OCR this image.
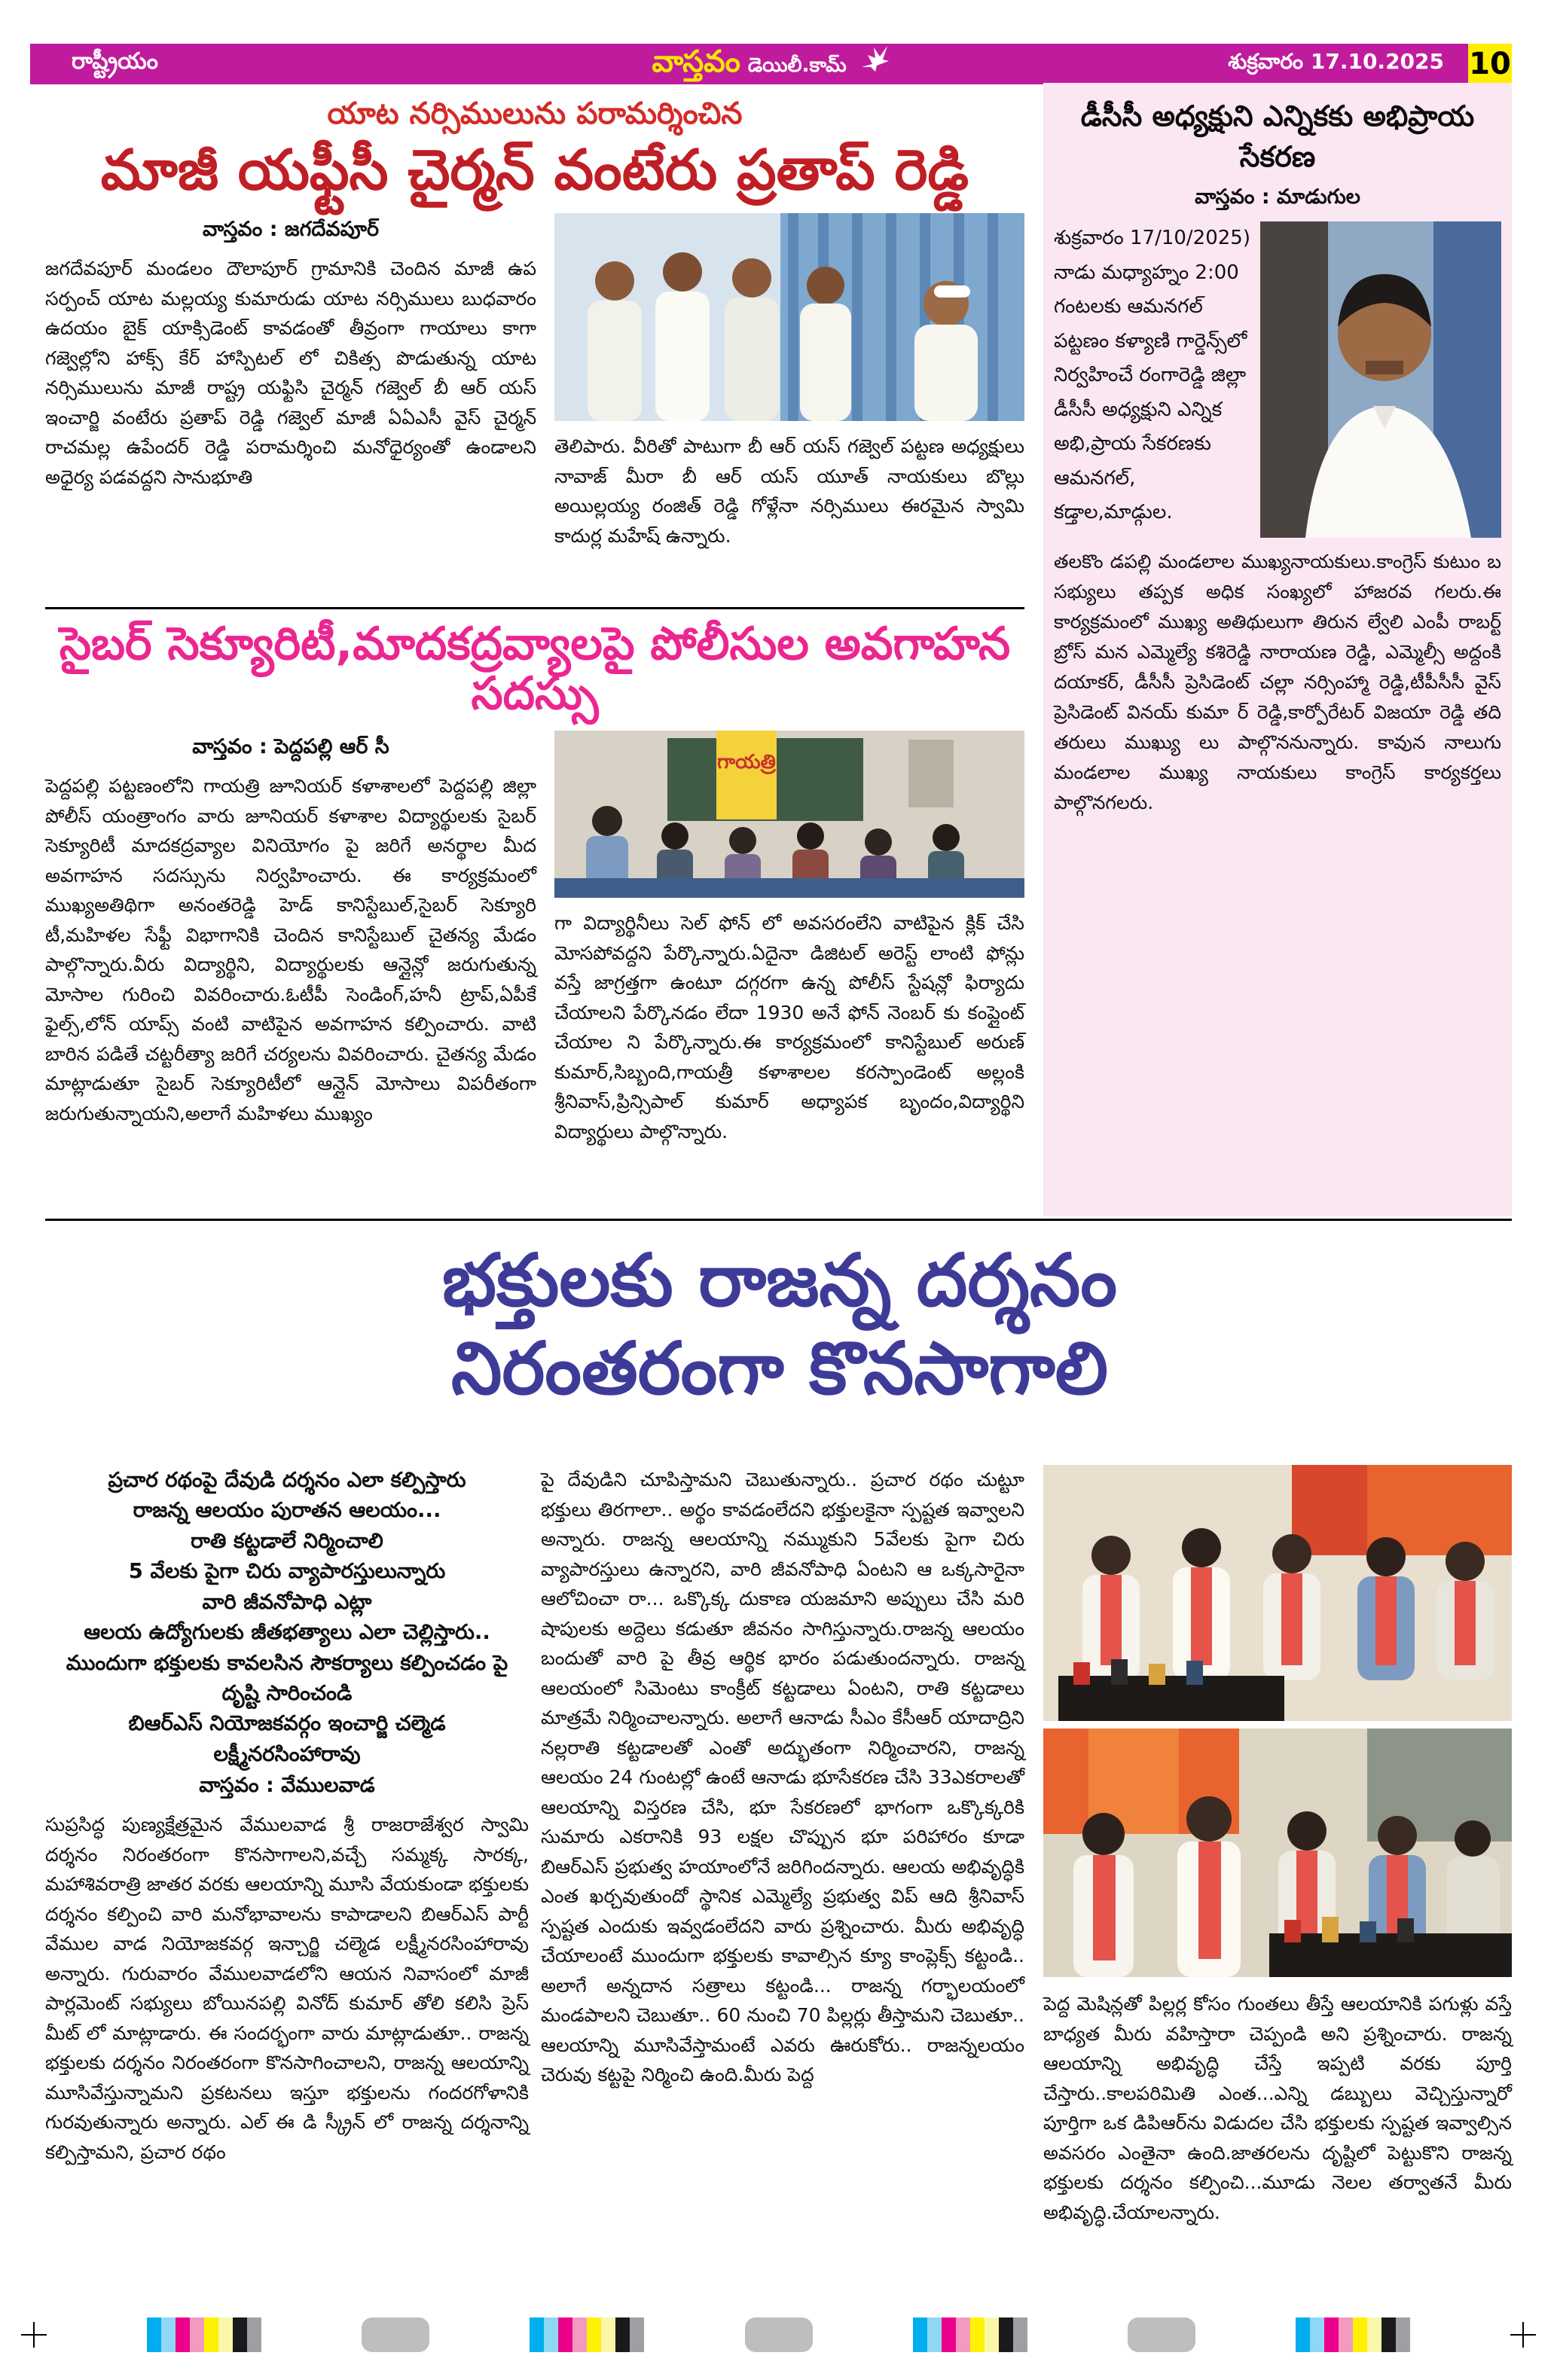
రాష్ట్రీయం	వాస్తవం డెయిలీ.కామ్	శుక్రవారం 17.10.2025 10
యాట నర్సిములును పరామర్శించిన
మాజీ యఫ్టీసీ చైర్మన్ వంటేరు ప్రతాప్ రెడ్డి
వాస్తవం : జగదేవపూర్
జగదేవపూర్ మండలం దౌలాపూర్ గ్రామానికి చెందిన మాజీ ఉప సర్పంచ్ యాట మల్లయ్య కుమారుడు యాట నర్సిములు బుధవారం ఉదయం బైక్ యాక్సిడెంట్ కావడంతో తీవ్రంగా గాయాలు కాగా గజ్వెల్లోని హాక్స్ కేర్ హాస్పిటల్ లో చికిత్స పొడుతున్న యాట నర్సిములును మాజీ రాష్ట్ర యఫ్టిసి చైర్మన్ గజ్వెల్ బీ ఆర్ యస్ ఇంచార్జి వంటేరు ప్రతాప్ రెడ్డి గజ్వెల్ మాజీ ఏఏఎసీ వైస్ చైర్మన్ రాచమల్ల ఉపేందర్ రెడ్డి పరామర్శించి మనోధైర్యంతో ఉండాలని అధైర్య పడవద్దని సానుభూతి
తెలిపారు. వీరితో పాటుగా బీ ఆర్ యస్ గజ్వెల్ పట్టణ అధ్యక్షులు నావాజ్ మీరా బీ ఆర్ యస్ యూత్ నాయకులు బొల్లు అయిల్లయ్య రంజిత్ రెడ్డి గోళ్లేనా నర్సిములు ఈరమైన స్వామి కాదుర్ల మహేష్ ఉన్నారు.
సైబర్ సెక్యూరిటీ,మాదకద్రవ్యాలపై పోలీసుల అవగాహన సదస్సు
వాస్తవం : పెద్దపల్లి ఆర్ సీ
పెద్దపల్లి పట్టణంలోని గాయత్రి జూనియర్ కళాశాలలో పెద్దపల్లి జిల్లా పోలీస్ యంత్రాంగం వారు జూనియర్ కళాశాల విద్యార్థులకు సైబర్ సెక్యూరిటీ మాదకద్రవ్యాల వినియోగం పై జరిగే అనర్థాల మీద అవగాహన సదస్సును నిర్వహించారు. ఈ కార్యక్రమంలో ముఖ్యఅతిథిగా అనంతరెడ్డి హెడ్ కానిస్టేబుల్,సైబర్ సెక్యూరి టీ,మహిళల సేఫ్టీ విభాగానికి చెందిన కానిస్టేబుల్ చైతన్య మేడం పాల్గొన్నారు.వీరు విద్యార్థిని, విద్యార్థులకు ఆన్లైన్లో జరుగుతున్న మోసాల గురించి వివరించారు.ఓటీపీ సెండింగ్,హనీ ట్రాప్,ఏపీకే ఫైల్స్,లోన్ యాప్స్ వంటి వాటిపైన అవగాహన కల్పించారు. వాటి బారిన పడితే చట్టరీత్యా జరిగే చర్యలను వివరించారు. చైతన్య మేడం మాట్లాడుతూ సైబర్ సెక్యూరిటీలో ఆన్లైన్ మోసాలు విపరీతంగా జరుగుతున్నాయని,అలాగే మహిళలు ముఖ్యం
గాయత్రి
గా విద్యార్థినీలు సెల్ ఫోన్ లో అవసరంలేని వాటిపైన క్లిక్ చేసి మోసపోవద్దని పేర్కొన్నారు.ఏదైనా డిజిటల్ అరెస్ట్ లాంటి ఫోన్లు వస్తే జాగ్రత్తగా ఉంటూ దగ్గరగా ఉన్న పోలీస్ స్టేషన్లో ఫిర్యాదు చేయాలని పేర్కొనడం లేదా 1930 అనే ఫోన్ నెంబర్ కు కంప్లైంట్ చేయాల ని పేర్కొన్నారు.ఈ కార్యక్రమంలో కానిస్టేబుల్ అరుణ్ కుమార్,సిబ్బంది,గాయత్రీ కళాశాలల కరస్పాండెంట్ అల్లంకి శ్రీనివాస్,ప్రిన్సిపాల్ కుమార్ అధ్యాపక బృందం,విద్యార్థిని విద్యార్థులు పాల్గొన్నారు.
డీసీసీ అధ్యక్షుని ఎన్నికకు అభిప్రాయ సేకరణ
వాస్తవం : మాడుగుల
శుక్రవారం 17/10/2025) నాడు మధ్యాహ్నం 2:00 గంటలకు ఆమనగల్ పట్టణం కళ్యాణి గార్డెన్స్‌లో నిర్వహించే రంగారెడ్డి జిల్లా డీసీసీ అధ్యక్షుని ఎన్నిక అభి,ప్రాయ సేకరణకు ఆమనగల్, కడ్తాల,మాడ్గుల.
తలకొం డపల్లి మండలాల ముఖ్యనాయకులు.కాంగ్రెస్ కుటుం బ సభ్యులు తప్పక అధిక సంఖ్యలో హాజరవ గలరు.ఈ కార్యక్రమంలో ముఖ్య అతిథులుగా తిరున ల్వేలి ఎంపీ రాబర్ట్ బ్రోస్ మన ఎమ్మెల్యే కశిరెడ్డి నారాయణ రెడ్డి, ఎమ్మెల్సీ అద్దంకి దయాకర్, డీసీసీ ప్రెసిడెంట్ చల్లా నర్సింహ్మా రెడ్డి,టీపీసీసీ వైస్ ప్రెసిడెంట్ వినయ్ కుమా ర్ రెడ్డి,కార్పోరేటర్ విజయా రెడ్డి తది తరులు ముఖ్యు లు పాల్గొననున్నారు. కావున నాలుగు మండలాల ముఖ్య నాయకులు కాంగ్రెస్ కార్యకర్తలు పాల్గొనగలరు.
భక్తులకు రాజన్న దర్శనం
నిరంతరంగా కొనసాగాలి
ప్రచార రథంపై దేవుడి దర్శనం ఎలా కల్పిస్తారు
రాజన్న ఆలయం పురాతన ఆలయం...
రాతి కట్టడాలే నిర్మించాలి
5 వేలకు పైగా చిరు వ్యాపారస్తులున్నారు
వారి జీవనోపాధి ఎట్లా
ఆలయ ఉద్యోగులకు జీతభత్యాలు ఎలా చెల్లిస్తారు..
ముందుగా భక్తులకు కావలసిన సౌకర్యాలు కల్పించడం పై
దృష్టి సారించండి
బిఆర్ఎస్ నియోజకవర్గం ఇంచార్జి చల్మెడ
లక్ష్మీనరసింహారావు
వాస్తవం : వేములవాడ
సుప్రసిద్ధ పుణ్యక్షేత్రమైన వేములవాడ శ్రీ రాజరాజేశ్వర స్వామి దర్శనం నిరంతరంగా కొనసాగాలని,వచ్చే సమ్మక్క సారక్క, మహాశివరాత్రి జాతర వరకు ఆలయాన్ని మూసి వేయకుండా భక్తులకు దర్శనం కల్పించి వారి మనోభావాలను కాపాడాలని బిఆర్ఎస్ పార్టీ వేముల వాడ నియోజకవర్గ ఇన్చార్జి చల్మెడ లక్ష్మీనరసింహారావు అన్నారు. గురువారం వేములవాడలోని ఆయన నివాసంలో మాజీ పార్లమెంట్ సభ్యులు బోయినపల్లి వినోద్ కుమార్ తోలి కలిసి ప్రెస్ మీట్ లో మాట్లాడారు. ఈ సందర్భంగా వారు మాట్లాడుతూ.. రాజన్న భక్తులకు దర్శనం నిరంతరంగా కొనసాగించాలని, రాజన్న ఆలయాన్ని మూసివేస్తున్నామని ప్రకటనలు ఇస్తూ భక్తులను గందరగోళానికి గురవుతున్నారు అన్నారు. ఎల్ ఈ డి స్క్రీన్ లో రాజన్న దర్శనాన్ని కల్పిస్తామని, ప్రచార రథం
పై దేవుడిని చూపిస్తామని చెబుతున్నారు.. ప్రచార రథం చుట్టూ భక్తులు తిరగాలా.. అర్థం కావడంలేదని భక్తులకైనా స్పష్టత ఇవ్వాలని అన్నారు. రాజన్న ఆలయాన్ని నమ్ముకుని 5వేలకు పైగా చిరు వ్యాపారస్తులు ఉన్నారని, వారి జీవనోపాధి ఏంటని ఆ ఒక్కసారైనా ఆలోచించా రా... ఒక్కొక్క దుకాణ యజమాని అప్పులు చేసి మరి షాపులకు అద్దెలు కడుతూ జీవనం సాగిస్తున్నారు.రాజన్న ఆలయం బందుతో వారి పై తీవ్ర ఆర్థిక భారం పడుతుందన్నారు. రాజన్న ఆలయంలో సిమెంటు కాంక్రీట్ కట్టడాలు ఏంటని, రాతి కట్టడాలు మాత్రమే నిర్మించాలన్నారు. అలాగే ఆనాడు సీఎం కేసీఆర్ యాదాద్రిని నల్లరాతి కట్టడాలతో ఎంతో అద్భుతంగా నిర్మించారని, రాజన్న ఆలయం 24 గుంటల్లో ఉంటే ఆనాడు భూసేకరణ చేసి 33ఎకరాలతో ఆలయాన్ని విస్తరణ చేసి, భూ సేకరణలో భాగంగా ఒక్కొక్కరికి సుమారు ఎకరానికి 93 లక్షల చొప్పున భూ పరిహారం కూడా బిఆర్ఎస్ ప్రభుత్వ హయాంలోనే జరిగిందన్నారు. ఆలయ అభివృద్ధికి ఎంత ఖర్చవుతుందో స్థానిక ఎమ్మెల్యే ప్రభుత్వ విప్ ఆది శ్రీనివాస్ స్పష్టత ఎందుకు ఇవ్వడంలేదని వారు ప్రశ్నించారు. మీరు అభివృద్ధి చేయాలంటే ముందుగా భక్తులకు కావాల్సిన క్యూ కాంప్లెక్స్ కట్టండి.. అలాగే అన్నదాన సత్రాలు కట్టండి... రాజన్న గర్భాలయంలో మండపాలని చెబుతూ.. 60 నుంచి 70 పిల్లర్లు తీస్తామని చెబుతూ.. ఆలయాన్ని మూసివేస్తామంటే ఎవరు ఊరుకోరు.. రాజన్నలయం చెరువు కట్టపై నిర్మించి ఉంది.మీరు పెద్ద
పెద్ద మెషిన్లతో పిల్లర్ల కోసం గుంతలు తీస్తే ఆలయానికి పగుళ్లు వస్తే బాధ్యత మీరు వహిస్తారా చెప్పండి అని ప్రశ్నించారు. రాజన్న ఆలయాన్ని అభివృద్ధి చేస్తే ఇప్పటి వరకు పూర్తి చేస్తారు..కాలపరిమితి ఎంత...ఎన్ని డబ్బులు వెచ్చిస్తున్నారో పూర్తిగా ఒక డిపిఆర్‌ను విడుదల చేసి భక్తులకు స్పష్టత ఇవ్వాల్సిన అవసరం ఎంతైనా ఉంది.జాతరలను దృష్టిలో పెట్టుకొని రాజన్న భక్తులకు దర్శనం కల్పించి...మూడు నెలల తర్వాతనే మీరు అభివృద్ధి.చేయాలన్నారు.
